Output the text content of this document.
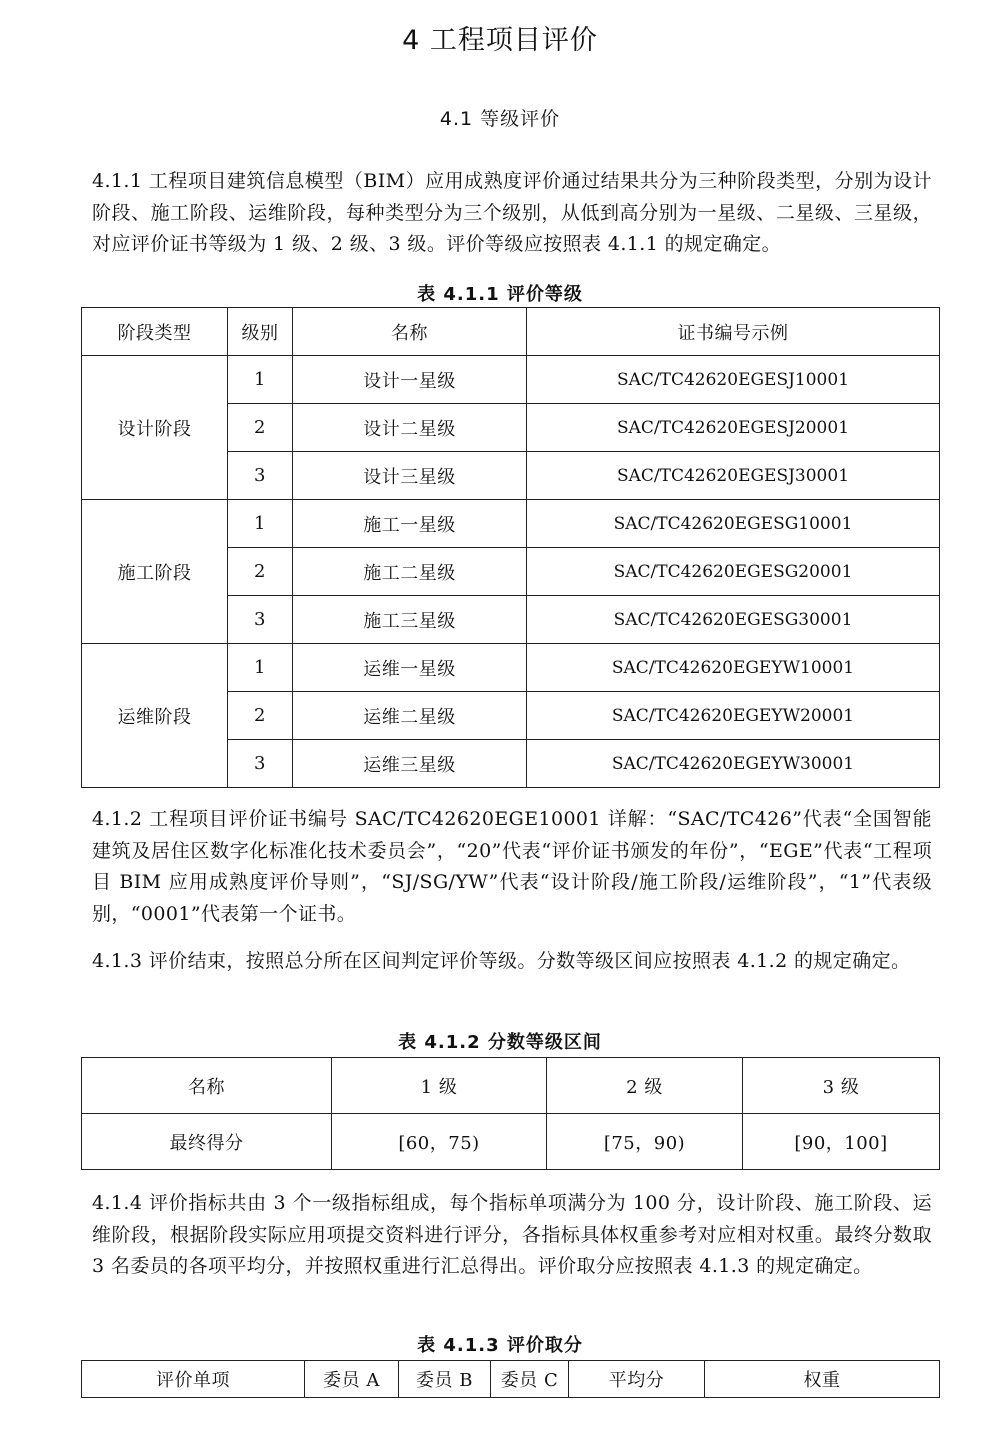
4 工程项目评价
4.1 等级评价

4.1.1 工程项目建筑信息模型（BIM）应用成熟度评价通过结果共分为三种阶段类型，分别为设计阶段、施工阶段、运维阶段，每种类型分为三个级别，从低到高分别为一星级、二星级、三星级，对应评价证书等级为 1 级、2 级、3 级。评价等级应按照表 4.1.1 的规定确定。

表 4.1.1 评价等级
阶段类型	级别	名称	证书编号示例
设计阶段	1	设计一星级	SAC/TC42620EGESJ10001
	2	设计二星级	SAC/TC42620EGESJ20001
	3	设计三星级	SAC/TC42620EGESJ30001
施工阶段	1	施工一星级	SAC/TC42620EGESG10001
	2	施工二星级	SAC/TC42620EGESG20001
	3	施工三星级	SAC/TC42620EGESG30001
运维阶段	1	运维一星级	SAC/TC42620EGEYW10001
	2	运维二星级	SAC/TC42620EGEYW20001
	3	运维三星级	SAC/TC42620EGEYW30001

4.1.2 工程项目评价证书编号 SAC/TC42620EGE10001 详解：“SAC/TC426”代表“全国智能建筑及居住区数字化标准化技术委员会”，“20”代表“评价证书颁发的年份”，“EGE”代表“工程项目 BIM 应用成熟度评价导则”，“SJ/SG/YW”代表“设计阶段/施工阶段/运维阶段”，“1”代表级别，“0001”代表第一个证书。

4.1.3 评价结束，按照总分所在区间判定评价等级。分数等级区间应按照表 4.1.2 的规定确定。

表 4.1.2 分数等级区间
名称	1 级	2 级	3 级
最终得分	[60，75)	[75，90)	[90，100]

4.1.4 评价指标共由 3 个一级指标组成，每个指标单项满分为 100 分，设计阶段、施工阶段、运维阶段，根据阶段实际应用项提交资料进行评分，各指标具体权重参考对应相对权重。最终分数取 3 名委员的各项平均分，并按照权重进行汇总得出。评价取分应按照表 4.1.3 的规定确定。

表 4.1.3 评价取分
评价单项	委员 A	委员 B	委员 C	平均分	权重
